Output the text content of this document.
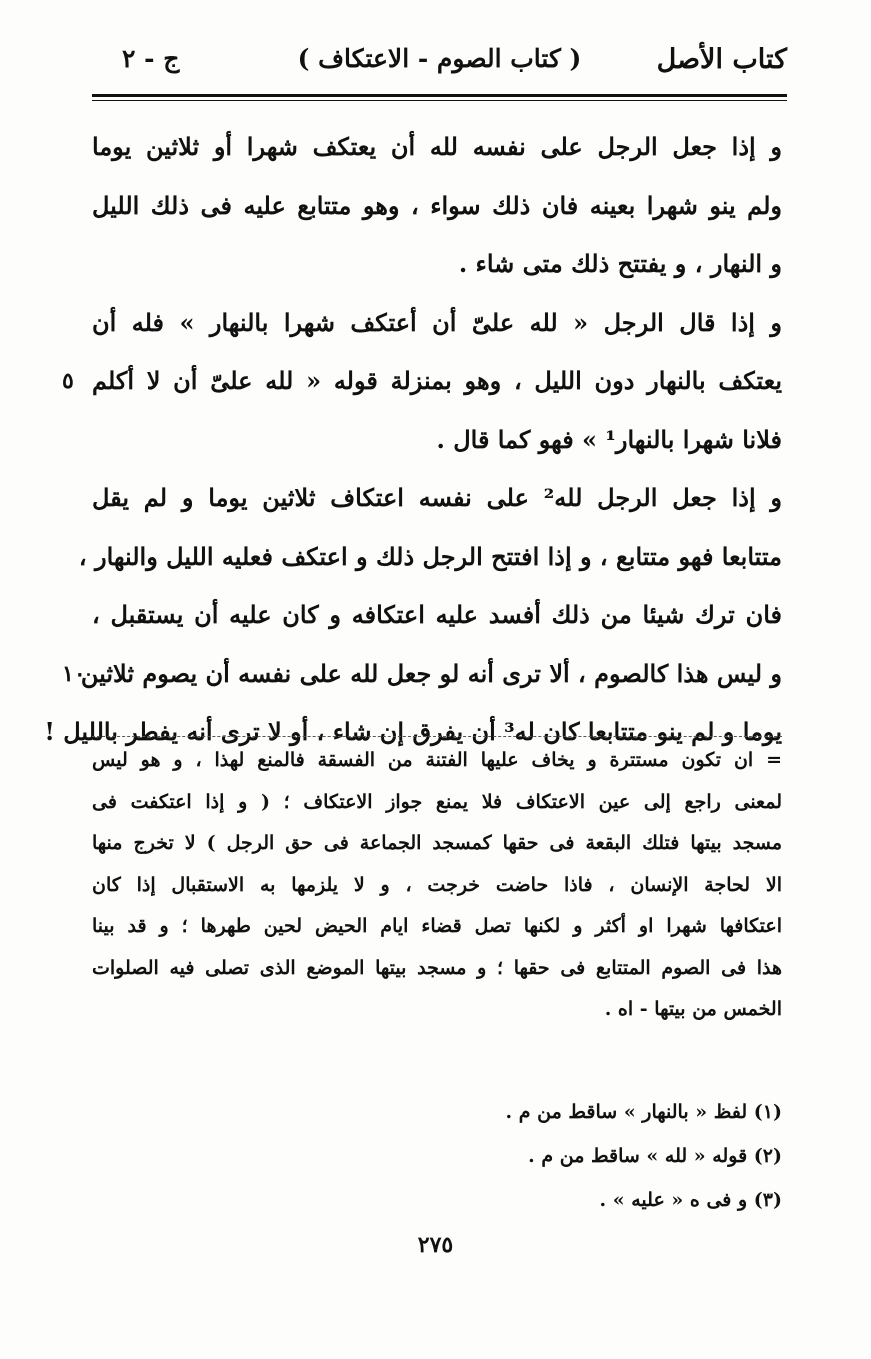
كتاب الأصل
( كتاب الصوم - الاعتكاف )
ج - ٢
و إذا جعل الرجل على نفسه لله أن يعتكف شهرا أو ثلاثين يوما
ولم ينو شهرا بعينه فان ذلك سواء ، وهو متتابع عليه فى ذلك الليل
و النهار ، و يفتتح ذلك متى شاء .
و إذا قال الرجل « لله علىّ أن أعتكف شهرا بالنهار » فله أن
يعتكف بالنهار دون الليل ، وهو بمنزلة قوله « لله علىّ أن لا أكلم
٥
فلانا شهرا بالنهار¹ » فهو كما قال .
و إذا جعل الرجل لله² على نفسه اعتكاف ثلاثين يوما و لم يقل
متتابعا فهو متتابع ، و إذا افتتح الرجل ذلك و اعتكف فعليه الليل والنهار ،
فان ترك شيئا من ذلك أفسد عليه اعتكافه و كان عليه أن يستقبل ،
و ليس هذا كالصوم ، ألا ترى أنه لو جعل لله على نفسه أن يصوم ثلاثين
١٠
يوما و لم ينو متتابعا كان له³ أن يفرق إن شاء ، أو لا ترى أنه يفطر بالليل !
= ان تكون مستترة و يخاف عليها الفتنة من الفسقة فالمنع لهذا ، و هو ليس
لمعنى راجع إلى عين الاعتكاف فلا يمنع جواز الاعتكاف ؛ ( و إذا اعتكفت فى
مسجد بيتها فتلك البقعة فى حقها كمسجد الجماعة فى حق الرجل ) لا تخرج منها
الا لحاجة الإنسان ، فاذا حاضت خرجت ، و لا يلزمها به الاستقبال إذا كان
اعتكافها شهرا او أكثر و لكنها تصل قضاء ايام الحيض لحين طهرها ؛ و قد بينا
هذا فى الصوم المتتابع فى حقها ؛ و مسجد بيتها الموضع الذى تصلى فيه الصلوات
الخمس من بيتها - اه .
(١) لفظ « بالنهار » ساقط من م .
(٢) قوله « لله » ساقط من م .
(٣) و فى ه « عليه » .
٢٧٥
